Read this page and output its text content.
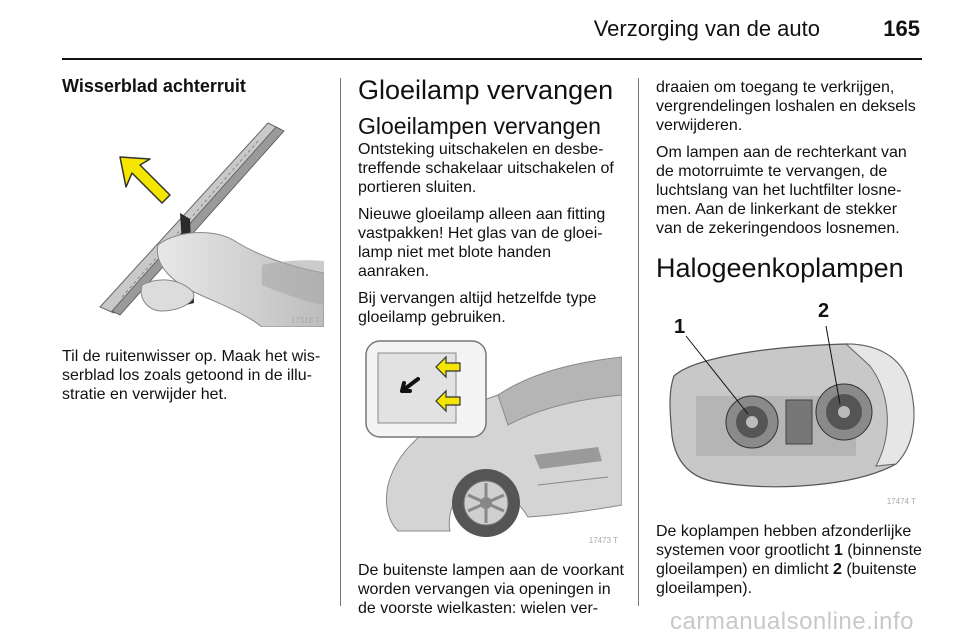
Verzorging van de auto	165
Wisserblad achterruit
17318 T

Til de ruitenwisser op. Maak het wis-serblad los zoals getoond in de illu-stratie en verwijder het.

Gloeilamp vervangen
Gloeilampen vervangen

Ontsteking uitschakelen en desbe-treffende schakelaar uitschakelen of portieren sluiten.

Nieuwe gloeilamp alleen aan fitting vastpakken! Het glas van de gloei-lamp niet met blote handen aanraken.

Bij vervangen altijd hetzelfde type gloeilamp gebruiken.

17473 T

De buitenste lampen aan de voorkant worden vervangen via openingen in de voorste wielkasten: wielen ver-

draaien om toegang te verkrijgen, vergrendelingen loshalen en deksels verwijderen.

Om lampen aan de rechterkant van de motorruimte te vervangen, de luchtslang van het luchtfilter losne-men. Aan de linkerkant de stekker van de zekeringendoos losnemen.

Halogeenkoplampen
1
2
17474 T

De koplampen hebben afzonderlijke systemen voor grootlicht 1 (binnenste gloeilampen) en dimlicht 2 (buitenste gloeilampen).

carmanualsonline.info
